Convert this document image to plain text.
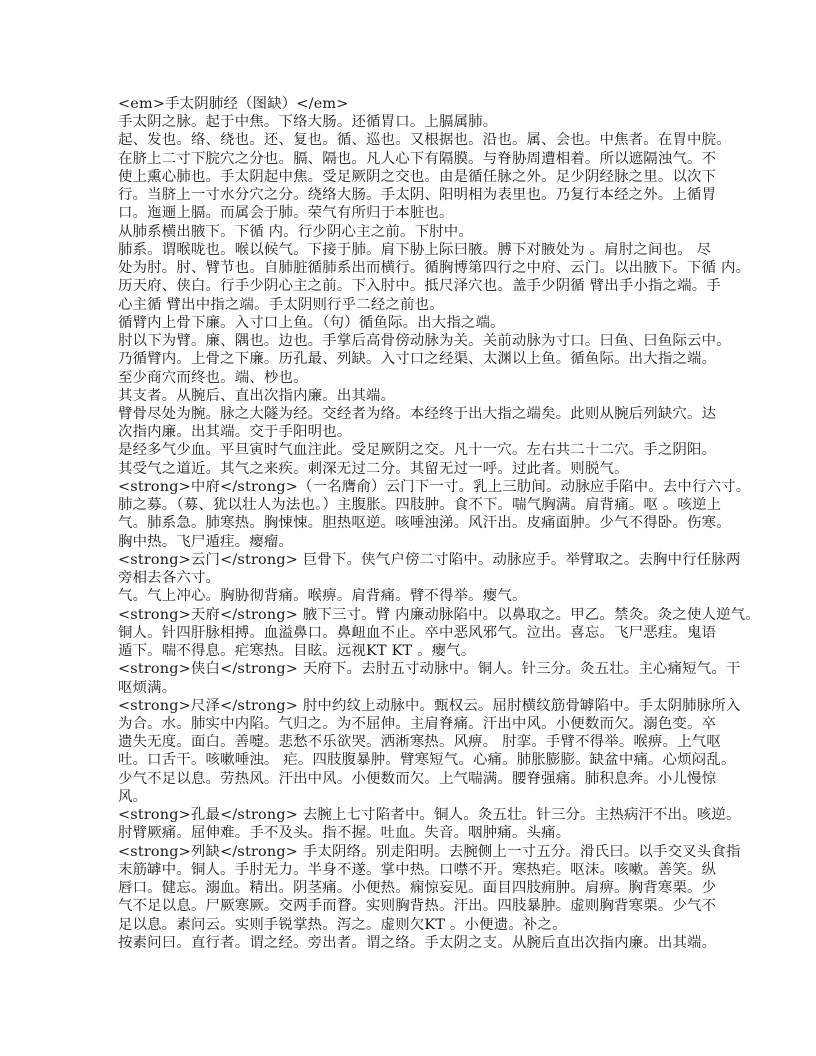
<em>手太阴肺经（图缺）</em>
手太阴之脉。起于中焦。下络大肠。还循胃口。上膈属肺。
起、发也。络、绕也。还、复也。循、巡也。又根据也。沿也。属、会也。中焦者。在胃中脘。
在脐上二寸下脘穴之分也。膈、隔也。凡人心下有隔膜。与脊胁周遭相着。所以遮隔浊气。不
使上熏心肺也。手太阴起中焦。受足厥阴之交也。由是循任脉之外。足少阴经脉之里。以次下
行。当脐上一寸水分穴之分。绕络大肠。手太阴、阳明相为表里也。乃复行本经之外。上循胃
口。迤逦上膈。而属会于肺。荣气有所归于本脏也。
从肺系横出腋下。下循 内。行少阴心主之前。下肘中。
肺系。谓喉咙也。喉以候气。下接于肺。肩下胁上际曰腋。膊下对腋处为 。肩肘之间也。 尽
处为肘。肘、臂节也。自肺脏循肺系出而横行。循胸博第四行之中府、云门。以出腋下。下循 内。
历天府、侠白。行手少阴心主之前。下入肘中。抵尺泽穴也。盖手少阴循 臂出手小指之端。手
心主循 臂出中指之端。手太阴则行乎二经之前也。
循臂内上骨下廉。入寸口上鱼。（句）循鱼际。出大指之端。
肘以下为臂。廉、隅也。边也。手掌后高骨傍动脉为关。关前动脉为寸口。曰鱼、曰鱼际云中。
乃循臂内。上骨之下廉。历孔最、列缺。入寸口之经渠、太渊以上鱼。循鱼际。出大指之端。
至少商穴而终也。端、杪也。
其支者。从腕后、直出次指内廉。出其端。
臂骨尽处为腕。脉之大隧为经。交经者为络。本经终于出大指之端矣。此则从腕后列缺穴。达
次指内廉。出其端。交于手阳明也。
是经多气少血。平旦寅时气血注此。受足厥阴之交。凡十一穴。左右共二十二穴。手之阴阳。
其受气之道近。其气之来疾。刺深无过二分。其留无过一呼。过此者。则脱气。
<strong>中府</strong>（一名膺俞）云门下一寸。乳上三肋间。动脉应手陷中。去中行六寸。
肺之募。（募、犹以壮人为法也。）主腹胀。四肢肿。食不下。喘气胸满。肩背痛。呕 。咳逆上
气。肺系急。肺寒热。胸悚悚。胆热呕逆。咳唾浊涕。风汗出。皮痛面肿。少气不得卧。伤寒。
胸中热。飞尸遁疰。瘿瘤。
<strong>云门</strong> 巨骨下。侠气户傍二寸陷中。动脉应手。举臂取之。去胸中行任脉两
旁相去各六寸。
气。气上冲心。胸胁彻背痛。喉痹。肩背痛。臂不得举。瘿气。
<strong>天府</strong> 腋下三寸。臂 内廉动脉陷中。以鼻取之。甲乙。禁灸。灸之使人逆气。
铜人。针四肝脉相搏。血溢鼻口。鼻衄血不止。卒中恶风邪气。泣出。喜忘。飞尸恶疰。鬼语
遁下。喘不得息。疟寒热。目眩。远视KT KT 。瘿气。
<strong>侠白</strong> 天府下。去肘五寸动脉中。铜人。针三分。灸五壮。主心痛短气。干
呕烦满。
<strong>尺泽</strong> 肘中约纹上动脉中。甄权云。屈肘横纹筋骨罅陷中。手太阴肺脉所入
为合。水。肺实中内陷。气归之。为不屈伸。主肩脊痛。汗出中风。小便数而欠。溺色变。卒
遗失无度。面白。善嚏。悲愁不乐欲哭。洒淅寒热。风痹。 肘挛。手臂不得举。喉痹。上气呕
吐。口舌干。咳嗽唾浊。 疟。四肢腹暴肿。臂寒短气。心痛。肺胀膨膨。缺盆中痛。心烦闷乱。
少气不足以息。劳热风。汗出中风。小便数而欠。上气喘满。腰脊强痛。肺积息奔。小儿慢惊
风。
<strong>孔最</strong> 去腕上七寸陷者中。铜人。灸五壮。针三分。主热病汗不出。咳逆。
肘臂厥痛。屈伸难。手不及头。指不握。吐血。失音。咽肿痛。头痛。
<strong>列缺</strong> 手太阴络。别走阳明。去腕侧上一寸五分。滑氏曰。以手交叉头食指
末筋罅中。铜人。手肘无力。半身不遂。掌中热。口噤不开。寒热疟。呕沫。咳嗽。善笑。纵
唇口。健忘。溺血。精出。阴茎痛。小便热。痫惊妄见。面目四肢痈肿。肩痹。胸背寒栗。少
气不足以息。尸厥寒厥。交两手而瞀。实则胸背热。汗出。四肢暴肿。虚则胸背寒栗。少气不
足以息。素问云。实则手锐掌热。泻之。虚则欠KT 。小便遗。补之。
按素问曰。直行者。谓之经。旁出者。谓之络。手太阴之支。从腕后直出次指内廉。出其端。
